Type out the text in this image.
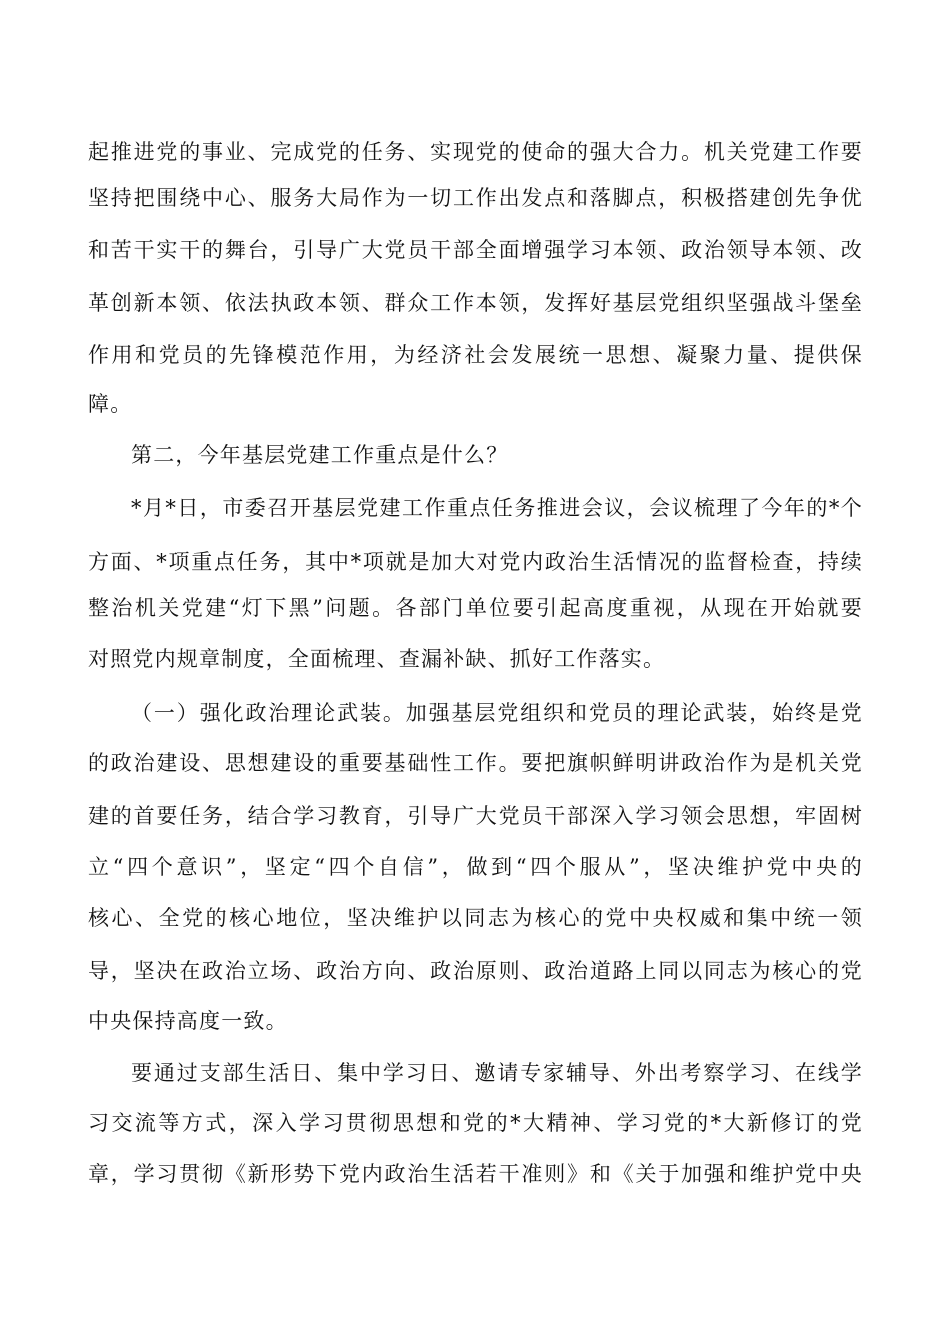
起推进党的事业、完成党的任务、实现党的使命的强大合力。机关党建工作要
坚持把围绕中心、服务大局作为一切工作出发点和落脚点，积极搭建创先争优
和苦干实干的舞台，引导广大党员干部全面增强学习本领、政治领导本领、改
革创新本领、依法执政本领、群众工作本领，发挥好基层党组织坚强战斗堡垒
作用和党员的先锋模范作用，为经济社会发展统一思想、凝聚力量、提供保
障。
第二，今年基层党建工作重点是什么？
*月*日，市委召开基层党建工作重点任务推进会议，会议梳理了今年的*个
方面、*项重点任务，其中*项就是加大对党内政治生活情况的监督检查，持续
整治机关党建“灯下黑”问题。各部门单位要引起高度重视，从现在开始就要
对照党内规章制度，全面梳理、查漏补缺、抓好工作落实。
（一）强化政治理论武装。加强基层党组织和党员的理论武装，始终是党
的政治建设、思想建设的重要基础性工作。要把旗帜鲜明讲政治作为是机关党
建的首要任务，结合学习教育，引导广大党员干部深入学习领会思想，牢固树
立“四个意识”，坚定“四个自信”，做到“四个服从”，坚决维护党中央的
核心、全党的核心地位，坚决维护以同志为核心的党中央权威和集中统一领
导，坚决在政治立场、政治方向、政治原则、政治道路上同以同志为核心的党
中央保持高度一致。
要通过支部生活日、集中学习日、邀请专家辅导、外出考察学习、在线学
习交流等方式，深入学习贯彻思想和党的*大精神、学习党的*大新修订的党
章，学习贯彻《新形势下党内政治生活若干准则》和《关于加强和维护党中央
